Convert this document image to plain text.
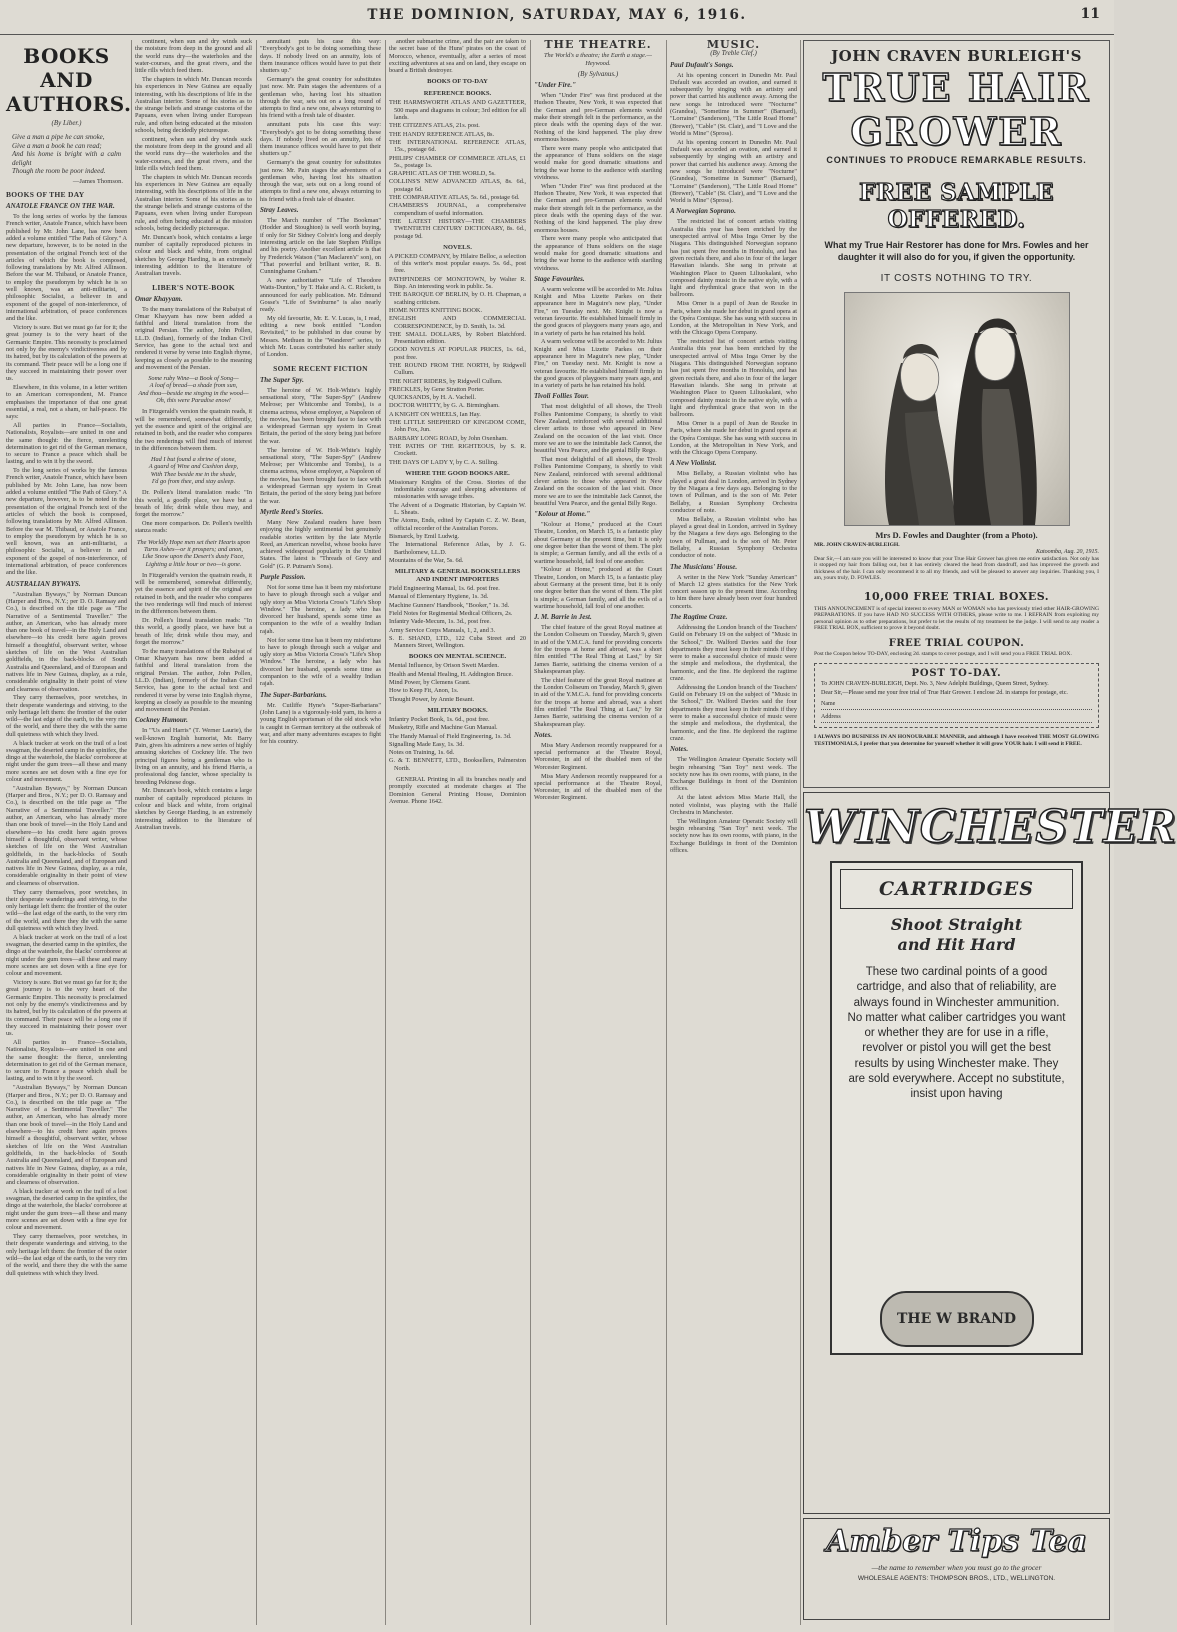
THE DOMINION, SATURDAY, MAY 6, 1916.	11
BOOKS AND AUTHORS.
(By Liber.)
Give a man a pipe he can smoke,
Give a man a book he can read;
And his home is bright with a calm delight
Though the room be poor indeed.
—James Thomson.
BOOKS OF THE DAY
ANATOLE FRANCE ON THE WAR.

To the long series of works by the famous French writer, Anatole France, which have been published by Mr. John Lane, has now been added a volume entitled "The Path of Glory." A new departure, however, is to be noted in the presentation of the original French text of the articles of which the book is composed, following translations by Mr. Alfred Allinson. Before the war M. Thibaud, or Anatole France, to employ the pseudonym by which he is so well known, was an anti-militarist, a philosophic Socialist, a believer in and exponent of the gospel of non-interference, of international arbitration, of peace conferences and the like.

Victory is sure. But we must go far for it; the great journey is to the very heart of the Germanic Empire. This necessity is proclaimed not only by the enemy's vindictiveness and by its hatred, but by its calculation of the powers at its command. Their peace will be a long one if they succeed in maintaining their power over us.

Elsewhere, in this volume, in a letter written to an American correspondent, M. France emphasises the importance of that one great essential, a real, not a sham, or half-peace. He says:

All parties in France—Socialists, Nationalists, Royalists—are united in one and the same thought: the fierce, unrelenting determination to get rid of the German menace, to secure to France a peace which shall be lasting, and to win it by the sword.

To the long series of works by the famous French writer, Anatole France, which have been published by Mr. John Lane, has now been added a volume entitled "The Path of Glory." A new departure, however, is to be noted in the presentation of the original French text of the articles of which the book is composed, following translations by Mr. Alfred Allinson. Before the war M. Thibaud, or Anatole France, to employ the pseudonym by which he is so well known, was an anti-militarist, a philosophic Socialist, a believer in and exponent of the gospel of non-interference, of international arbitration, of peace conferences and the like.

AUSTRALIAN BYWAYS.

"Australian Byways," by Norman Duncan (Harper and Bros., N.Y.; per D. O. Ramsay and Co.), is described on the title page as "The Narrative of a Sentimental Traveller." The author, an American, who has already more than one book of travel—in the Holy Land and elsewhere—to his credit here again proves himself a thoughtful, observant writer, whose sketches of life on the West Australian goldfields, in the back-blocks of South Australia and Queensland, and of European and natives life in New Guinea, display, as a rule, considerable originality in their point of view and clearness of observation.

They carry themselves, poor wretches, in their desperate wanderings and striving, to the only heritage left them: the frontier of the outer wild—the last edge of the earth, to the very rim of the world, and there they die with the same dull quietness with which they lived.

A black tracker at work on the trail of a lost swagman, the deserted camp in the spinifex, the dingo at the waterhole, the blacks' corroboree at night under the gum trees—all these and many more scenes are set down with a fine eye for colour and movement.

"Australian Byways," by Norman Duncan (Harper and Bros., N.Y.; per D. O. Ramsay and Co.), is described on the title page as "The Narrative of a Sentimental Traveller." The author, an American, who has already more than one book of travel—in the Holy Land and elsewhere—to his credit here again proves himself a thoughtful, observant writer, whose sketches of life on the West Australian goldfields, in the back-blocks of South Australia and Queensland, and of European and natives life in New Guinea, display, as a rule, considerable originality in their point of view and clearness of observation.

They carry themselves, poor wretches, in their desperate wanderings and striving, to the only heritage left them: the frontier of the outer wild—the last edge of the earth, to the very rim of the world, and there they die with the same dull quietness with which they lived.

A black tracker at work on the trail of a lost swagman, the deserted camp in the spinifex, the dingo at the waterhole, the blacks' corroboree at night under the gum trees—all these and many more scenes are set down with a fine eye for colour and movement.

Victory is sure. But we must go far for it; the great journey is to the very heart of the Germanic Empire. This necessity is proclaimed not only by the enemy's vindictiveness and by its hatred, but by its calculation of the powers at its command. Their peace will be a long one if they succeed in maintaining their power over us.

All parties in France—Socialists, Nationalists, Royalists—are united in one and the same thought: the fierce, unrelenting determination to get rid of the German menace, to secure to France a peace which shall be lasting, and to win it by the sword.

"Australian Byways," by Norman Duncan (Harper and Bros., N.Y.; per D. O. Ramsay and Co.), is described on the title page as "The Narrative of a Sentimental Traveller." The author, an American, who has already more than one book of travel—in the Holy Land and elsewhere—to his credit here again proves himself a thoughtful, observant writer, whose sketches of life on the West Australian goldfields, in the back-blocks of South Australia and Queensland, and of European and natives life in New Guinea, display, as a rule, considerable originality in their point of view and clearness of observation.

A black tracker at work on the trail of a lost swagman, the deserted camp in the spinifex, the dingo at the waterhole, the blacks' corroboree at night under the gum trees—all these and many more scenes are set down with a fine eye for colour and movement.

They carry themselves, poor wretches, in their desperate wanderings and striving, to the only heritage left them: the frontier of the outer wild—the last edge of the earth, to the very rim of the world, and there they die with the same dull quietness with which they lived.

continent, when sun and dry winds suck the moisture from deep in the ground and all the world runs dry—the waterholes and the water-courses, and the great rivers, and the little rills which feed them.

The chapters in which Mr. Duncan records his experiences in New Guinea are equally interesting, with his descriptions of life in the Australian interior. Some of his stories as to the strange beliefs and strange customs of the Papuans, even when living under European rule, and often being educated at the mission schools, being decidedly picturesque.

continent, when sun and dry winds suck the moisture from deep in the ground and all the world runs dry—the waterholes and the water-courses, and the great rivers, and the little rills which feed them.

The chapters in which Mr. Duncan records his experiences in New Guinea are equally interesting, with his descriptions of life in the Australian interior. Some of his stories as to the strange beliefs and strange customs of the Papuans, even when living under European rule, and often being educated at the mission schools, being decidedly picturesque.

Mr. Duncan's book, which contains a large number of capitally reproduced pictures in colour and black and white, from original sketches by George Harding, is an extremely interesting addition to the literature of Australian travels.

LIBER'S NOTE-BOOK
Omar Khayyam.

To the many translations of the Rubaiyat of Omar Khayyam has now been added a faithful and literal translation from the original Persian. The author, John Pollen, LL.D. (Indian), formerly of the Indian Civil Service, has gone to the actual text and rendered it verse by verse into English rhyme, keeping as closely as possible to the meaning and movement of the Persian.

Some ruby Wine—a Book of Song—
A loaf of bread—a shade from sun,
And thou—beside me singing in the wood—
Oh, this were Paradise enow!

In Fitzgerald's version the quatrain reads, it will be remembered, somewhat differently, yet the essence and spirit of the original are retained in both, and the reader who compares the two renderings will find much of interest in the differences between them.

Had I but found a shrine of stone,
A guard of Wine and Cushion deep,
With Thee beside me in the shade,
I'd go from thee, and stay asleep.

Dr. Pollen's literal translation reads: "In this world, a goodly place, we have but a breath of life; drink while thou may, and forget the morrow."

One more comparison. Dr. Pollen's twelfth stanza reads:

The Worldly Hope men set their Hearts upon
Turns Ashes—or it prospers; and anon,
Like Snow upon the Desert's dusty Face,
Lighting a little hour or two—is gone.

In Fitzgerald's version the quatrain reads, it will be remembered, somewhat differently, yet the essence and spirit of the original are retained in both, and the reader who compares the two renderings will find much of interest in the differences between them.

Dr. Pollen's literal translation reads: "In this world, a goodly place, we have but a breath of life; drink while thou may, and forget the morrow."

To the many translations of the Rubaiyat of Omar Khayyam has now been added a faithful and literal translation from the original Persian. The author, John Pollen, LL.D. (Indian), formerly of the Indian Civil Service, has gone to the actual text and rendered it verse by verse into English rhyme, keeping as closely as possible to the meaning and movement of the Persian.

Cockney Humour.

In "'Us and Harris" (T. Werner Laurie), the well-known English humorist, Mr. Barry Pain, gives his admirers a new series of highly amusing sketches of Cockney life. The two principal figures being a gentleman who is living on an annuity, and his friend Harris, a professional dog fancier, whose speciality is breeding Pekinese dogs.

Mr. Duncan's book, which contains a large number of capitally reproduced pictures in colour and black and white, from original sketches by George Harding, is an extremely interesting addition to the literature of Australian travels.

annuitant puts his case this way: "Everybody's got to be doing something these days. If nobody lived on an annuity, lots of them insurance offices would have to put their shutters up."

Germany's the great country for substitutes just now. Mr. Pain stages the adventures of a gentleman who, having lost his situation through the war, sets out on a long round of attempts to find a new one, always returning to his friend with a fresh tale of disaster.

annuitant puts his case this way: "Everybody's got to be doing something these days. If nobody lived on an annuity, lots of them insurance offices would have to put their shutters up."

Germany's the great country for substitutes just now. Mr. Pain stages the adventures of a gentleman who, having lost his situation through the war, sets out on a long round of attempts to find a new one, always returning to his friend with a fresh tale of disaster.

Stray Leaves.

The March number of "The Bookman" (Hodder and Stoughton) is well worth buying, if only for Sir Sidney Colvin's long and deeply interesting article on the late Stephen Phillips and his poetry. Another excellent article is that by Frederick Watson ("Ian Maclaren's" son), on "That powerful and brilliant writer, R. B. Cunninghame Graham."

A new authoritative "Life of Theodore Watts-Dunton," by T. Hake and A. C. Rickett, is announced for early publication. Mr. Edmund Gosse's "Life of Swinburne" is also nearly ready.

My old favourite, Mr. E. V. Lucas, is, I read, editing a new book entitled "London Revisited," to be published in due course by Messrs. Methuen in the "Wanderer" series, to which Mr. Lucas contributed his earlier study of London.

SOME RECENT FICTION
The Super Spy.

The heroine of W. Holt-White's highly sensational story, "The Super-Spy" (Andrew Melrose; per Whitcombe and Tombs), is a cinema actress, whose employer, a Napoleon of the movies, has been brought face to face with a widespread German spy system in Great Britain, the period of the story being just before the war.

The heroine of W. Holt-White's highly sensational story, "The Super-Spy" (Andrew Melrose; per Whitcombe and Tombs), is a cinema actress, whose employer, a Napoleon of the movies, has been brought face to face with a widespread German spy system in Great Britain, the period of the story being just before the war.

Myrtle Reed's Stories.

Many New Zealand readers have been enjoying the highly sentimental but genuinely readable stories written by the late Myrtle Reed, an American novelist, whose books have achieved widespread popularity in the United States. The latest is "Threads of Grey and Gold" (G. P. Putnam's Sons).

Purple Passion.

Not for some time has it been my misfortune to have to plough through such a vulgar and ugly story as Miss Victoria Cross's "Life's Shop Window." The heroine, a lady who has divorced her husband, spends some time as companion to the wife of a wealthy Indian rajah.

Not for some time has it been my misfortune to have to plough through such a vulgar and ugly story as Miss Victoria Cross's "Life's Shop Window." The heroine, a lady who has divorced her husband, spends some time as companion to the wife of a wealthy Indian rajah.

The Super-Barbarians.

Mr. Cutliffe Hyne's "Super-Barbarians" (John Lane) is a vigorously-told yarn, its hero a young English sportsman of the old stock who is caught in German territory at the outbreak of war, and after many adventures escapes to fight for his country.

another submarine crime, and the pair are taken to the secret base of the Huns' pirates on the coast of Morocco, whence, eventually, after a series of most exciting adventures at sea and on land, they escape on board a British destroyer.

BOOKS OF TO-DAY
REFERENCE BOOKS.
THE HARMSWORTH ATLAS AND GAZETTEER, 500 maps and diagrams in colour; 3rd edition for all lands.
THE CITIZEN'S ATLAS, 21s. post.
THE HANDY REFERENCE ATLAS, 8s.
THE INTERNATIONAL REFERENCE ATLAS, 15s., postage 6d.
PHILIPS' CHAMBER OF COMMERCE ATLAS, £1 5s., postage 1s.
GRAPHIC ATLAS OF THE WORLD, 5s.
COLLINS'S NEW ADVANCED ATLAS, 8s. 6d., postage 6d.
THE COMPARATIVE ATLAS, 5s. 6d., postage 6d.
CHAMBERS'S JOURNAL, a comprehensive compendium of useful information.
THE LATEST HISTORY—THE CHAMBERS TWENTIETH CENTURY DICTIONARY, 8s. 6d., postage 9d.
NOVELS.
A PICKED COMPANY, by Hilaire Belloc, a selection of this writer's most popular essays. 5s. 6d., post free.
PATHFINDERS OF MONOTOWN, by Walter R. Bisp. An interesting work in public. 5s.
THE BAROQUE OF BERLIN, by O. H. Chapman, a scathing criticism.
HOME NOTES KNITTING BOOK.
ENGLISH AND COMMERCIAL CORRESPONDENCE, by D. Smith, 1s. 3d.
THE SMALL DOLLARS, by Robert Blatchford. Presentation edition.
GOOD NOVELS AT POPULAR PRICES, 1s. 6d., post free.
THE ROUND FROM THE NORTH, by Ridgwell Cullum.
THE NIGHT RIDERS, by Ridgwell Cullum.
FRECKLES, by Gene Stratton Porter.
QUICKSANDS, by H. A. Vachell.
DOCTOR WHITTY, by G. A. Birmingham.
A KNIGHT ON WHEELS, Ian Hay.
THE LITTLE SHEPHERD OF KINGDOM COME, John Fox, Jun.
BARBARY LONG ROAD, by John Oxenham.
THE PATHS OF THE RIGHTEOUS, by S. R. Crockett.
THE DAYS OF LADY Y, by C. A. Stilling.
WHERE THE GOOD BOOKS ARE.
Missionary Knights of the Cross. Stories of the indomitable courage and sleeping adventures of missionaries with savage tribes.
The Advent of a Dogmatic Historian, by Captain W. L. Sheats.
The Atoms, Ends, edited by Captain C. Z. W. Bean, official recorder of the Australian Forces.
Bismarck, by Emil Ludwig.
The International Reference Atlas, by J. G. Bartholomew, LL.D.
Mountains of the War, 5s. 6d.
MILITARY & GENERAL BOOKSELLERS AND INDENT IMPORTERS
Field Engineering Manual, 1s. 6d. post free.
Manual of Elementary Hygiene, 1s. 3d.
Machine Gunners' Handbook, "Booker," 1s. 3d.
Field Notes for Regimental Medical Officers, 2s.
Infantry Vade-Mecum, 1s. 3d., post free.
Army Service Corps Manuals, 1, 2, and 3.
S. E. SHAND, LTD., 122 Cuba Street and 20 Manners Street, Wellington.
BOOKS ON MENTAL SCIENCE.
Mental Influence, by Orison Swett Marden.
Health and Mental Healing, H. Addington Bruce.
Mind Power, by Clemens Grant.
How to Keep Fit, Anon, 1s.
Thought Power, by Annie Besant.
MILITARY BOOKS.
Infantry Pocket Book, 1s. 6d., post free.
Musketry, Rifle and Machine Gun Manual.
The Handy Manual of Field Engineering, 1s. 3d.
Signalling Made Easy, 1s. 3d.
Notes on Training, 1s. 6d.
G. & T. BENNETT, LTD., Booksellers, Palmerston North.

GENERAL Printing in all its branches neatly and promptly executed at moderate charges at The Dominion General Printing House, Dominion Avenue. Phone 1642.

THE THEATRE.
The World's a theatre; the Earth a stage.—Heywood.
(By Sylvanus.)
"Under Fire."

When "Under Fire" was first produced at the Hudson Theatre, New York, it was expected that the German and pro-German elements would make their strength felt in the performance, as the piece deals with the opening days of the war. Nothing of the kind happened. The play drew enormous houses.

There were many people who anticipated that the appearance of Huns soldiers on the stage would make for good dramatic situations and bring the war home to the audience with startling vividness.

When "Under Fire" was first produced at the Hudson Theatre, New York, it was expected that the German and pro-German elements would make their strength felt in the performance, as the piece deals with the opening days of the war. Nothing of the kind happened. The play drew enormous houses.

There were many people who anticipated that the appearance of Huns soldiers on the stage would make for good dramatic situations and bring the war home to the audience with startling vividness.

Stage Favourites.

A warm welcome will be accorded to Mr. Julius Knight and Miss Lizette Parkes on their appearance here in Maguire's new play, "Under Fire," on Tuesday next. Mr. Knight is now a veteran favourite. He established himself firmly in the good graces of playgoers many years ago, and in a variety of parts he has retained his hold.

A warm welcome will be accorded to Mr. Julius Knight and Miss Lizette Parkes on their appearance here in Maguire's new play, "Under Fire," on Tuesday next. Mr. Knight is now a veteran favourite. He established himself firmly in the good graces of playgoers many years ago, and in a variety of parts he has retained his hold.

Tivoli Follies Tour.

That most delightful of all shows, the Tivoli Follies Pantomime Company, is shortly to visit New Zealand, reinforced with several additional clever artists to those who appeared in New Zealand on the occasion of the last visit. Once more we are to see the inimitable Jack Cannot, the beautiful Vera Pearce, and the genial Billy Rego.

That most delightful of all shows, the Tivoli Follies Pantomime Company, is shortly to visit New Zealand, reinforced with several additional clever artists to those who appeared in New Zealand on the occasion of the last visit. Once more we are to see the inimitable Jack Cannot, the beautiful Vera Pearce, and the genial Billy Rego.

"Kolour at Home."

"Kolour at Home," produced at the Court Theatre, London, on March 15, is a fantastic play about Germany at the present time, but it is only one degree better than the worst of them. The plot is simple; a German family, and all the evils of a wartime household, fall foul of one another.

"Kolour at Home," produced at the Court Theatre, London, on March 15, is a fantastic play about Germany at the present time, but it is only one degree better than the worst of them. The plot is simple; a German family, and all the evils of a wartime household, fall foul of one another.

J. M. Barrie in Jest.

The chief feature of the great Royal matinee at the London Coliseum on Tuesday, March 9, given in aid of the Y.M.C.A. fund for providing concerts for the troops at home and abroad, was a short film entitled "The Real Thing at Last," by Sir James Barrie, satirising the cinema version of a Shakespearean play.

The chief feature of the great Royal matinee at the London Coliseum on Tuesday, March 9, given in aid of the Y.M.C.A. fund for providing concerts for the troops at home and abroad, was a short film entitled "The Real Thing at Last," by Sir James Barrie, satirising the cinema version of a Shakespearean play.

Notes.

Miss Mary Anderson recently reappeared for a special performance at the Theatre Royal, Worcester, in aid of the disabled men of the Worcester Regiment.

Miss Mary Anderson recently reappeared for a special performance at the Theatre Royal, Worcester, in aid of the disabled men of the Worcester Regiment.

MUSIC.
(By Treble Clef.)
Paul Dufault's Songs.

At his opening concert in Dunedin Mr. Paul Dufault was accorded an ovation, and earned it subsequently by singing with an artistry and power that carried his audience away. Among the new songs he introduced were "Nocturne" (Grandea), "Sometime in Summer" (Barnard), "Lorraine" (Sanderson), "The Little Road Home" (Brewer), "Cable" (St. Clair), and "I Love and the World is Mine" (Spross).

At his opening concert in Dunedin Mr. Paul Dufault was accorded an ovation, and earned it subsequently by singing with an artistry and power that carried his audience away. Among the new songs he introduced were "Nocturne" (Grandea), "Sometime in Summer" (Barnard), "Lorraine" (Sanderson), "The Little Road Home" (Brewer), "Cable" (St. Clair), and "I Love and the World is Mine" (Spross).

A Norwegian Soprano.

The restricted list of concert artists visiting Australia this year has been enriched by the unexpected arrival of Miss Inga Orner by the Niagara. This distinguished Norwegian soprano has just spent five months in Honolulu, and has given recitals there, and also in four of the larger Hawaiian islands. She sang in private at Washington Place to Queen Liliuokalani, who composed dainty music in the native style, with a light and rhythmical grace that won in the ballroom.

Miss Orner is a pupil of Jean de Reszke in Paris, where she made her debut in grand opera at the Opéra Comique. She has sung with success in London, at the Metropolitan in New York, and with the Chicago Opera Company.

The restricted list of concert artists visiting Australia this year has been enriched by the unexpected arrival of Miss Inga Orner by the Niagara. This distinguished Norwegian soprano has just spent five months in Honolulu, and has given recitals there, and also in four of the larger Hawaiian islands. She sang in private at Washington Place to Queen Liliuokalani, who composed dainty music in the native style, with a light and rhythmical grace that won in the ballroom.

Miss Orner is a pupil of Jean de Reszke in Paris, where she made her debut in grand opera at the Opéra Comique. She has sung with success in London, at the Metropolitan in New York, and with the Chicago Opera Company.

A New Violinist.

Miss Bellaby, a Russian violinist who has played a great deal in London, arrived in Sydney by the Niagara a few days ago. Belonging to the town of Pullman, and is the son of Mr. Peter Bellaby, a Russian Symphony Orchestra conductor of note.

Miss Bellaby, a Russian violinist who has played a great deal in London, arrived in Sydney by the Niagara a few days ago. Belonging to the town of Pullman, and is the son of Mr. Peter Bellaby, a Russian Symphony Orchestra conductor of note.

The Musicians' House.

A writer in the New York "Sunday American" of March 12 gives statistics for the New York concert season up to the present time. According to him there have already been over four hundred concerts.

The Ragtime Craze.

Addressing the London branch of the Teachers' Guild on February 19 on the subject of "Music in the School," Dr. Walford Davies said the four departments they must keep in their minds if they were to make a successful choice of music were the simple and melodious, the rhythmical, the harmonic, and the fine. He deplored the ragtime craze.

Addressing the London branch of the Teachers' Guild on February 19 on the subject of "Music in the School," Dr. Walford Davies said the four departments they must keep in their minds if they were to make a successful choice of music were the simple and melodious, the rhythmical, the harmonic, and the fine. He deplored the ragtime craze.

Notes.

The Wellington Amateur Operatic Society will begin rehearsing "San Toy" next week. The society now has its own rooms, with piano, in the Exchange Buildings in front of the Dominion offices.

At the latest advices Miss Marie Hall, the noted violinist, was playing with the Hallé Orchestra in Manchester.

The Wellington Amateur Operatic Society will begin rehearsing "San Toy" next week. The society now has its own rooms, with piano, in the Exchange Buildings in front of the Dominion offices.

JOHN CRAVEN BURLEIGH'S
TRUE HAIR GROWER
CONTINUES TO PRODUCE REMARKABLE RESULTS.
FREE SAMPLE OFFERED.
What my True Hair Restorer has done for Mrs. Fowles and her daughter it will also do for you, if given the opportunity.
IT COSTS NOTHING TO TRY.
Mrs D. Fowles and Daughter (from a Photo).
MR. JOHN CRAVEN-BURLEIGH.
Katoomba, Aug. 20, 1915.
Dear Sir,—I am sure you will be interested to know that your True Hair Grower has given me entire satisfaction. Not only has it stopped my hair from falling out, but it has entirely cleared the head from dandruff, and has improved the growth and thickness of the hair. I can only recommend it to all my friends, and will be pleased to answer any inquiries. Thanking you, I am, yours truly, D. FOWLES.
10,000 FREE TRIAL BOXES.
THIS ANNOUNCEMENT is of special interest to every MAN or WOMAN who has previously tried other HAIR-GROWING PREPARATIONS. If you have HAD NO SUCCESS WITH OTHERS, please write to me. I REFRAIN from exploiting my personal opinion as to other preparations, but prefer to let the results of my treatment be the judge. I will send to any reader a FREE TRIAL BOX, sufficient to prove it beyond doubt.
FREE TRIAL COUPON.
Post the Coupon below TO-DAY, enclosing 2d. stamps to cover postage, and I will send you a FREE TRIAL BOX.
POST TO-DAY.
To JOHN CRAVEN-BURLEIGH, Dept. No. 3, New Adelphi Buildings, Queen Street, Sydney.
Dear Sir,—Please send me your free trial of True Hair Grower. I enclose 2d. in stamps for postage, etc.
Name
Address
I ALWAYS DO BUSINESS IN AN HONOURABLE MANNER, and although I have received THE MOST GLOWING TESTIMONIALS, I prefer that you determine for yourself whether it will grow YOUR hair. I will send it FREE.
WINCHESTER
CARTRIDGES
Shoot Straight
and Hit Hard
These two cardinal points of a good cartridge, and also that of reliability, are always found in Winchester ammunition. No matter what caliber cartridges you want or whether they are for use in a rifle, revolver or pistol you will get the best results by using Winchester make. They are sold everywhere. Accept no substitute, insist upon having
THE W BRAND
Amber Tips Tea
—the name to remember when you must go to the grocer
WHOLESALE AGENTS: THOMPSON BROS., LTD., WELLINGTON.
